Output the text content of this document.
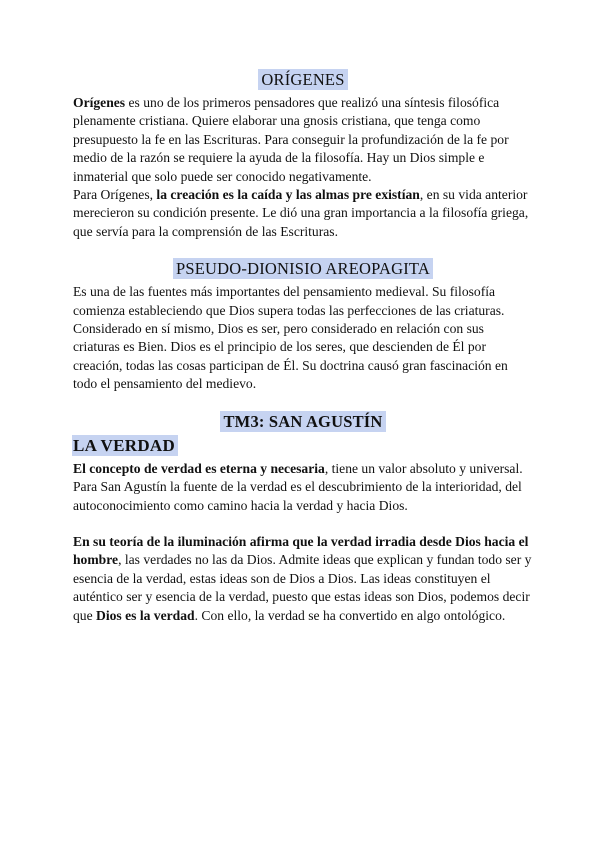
ORÍGENES

Orígenes es uno de los primeros pensadores que realizó una síntesis filosófica plenamente cristiana. Quiere elaborar una gnosis cristiana, que tenga como presupuesto la fe en las Escrituras. Para conseguir la profundización de la fe por medio de la razón se requiere la ayuda de la filosofía. Hay un Dios simple e inmaterial que solo puede ser conocido negativamente.

Para Orígenes, la creación es la caída y las almas pre existían, en su vida anterior merecieron su condición presente. Le dió una gran importancia a la filosofía griega, que servía para la comprensión de las Escrituras.

PSEUDO-DIONISIO AREOPAGITA

Es una de las fuentes más importantes del pensamiento medieval. Su filosofía comienza estableciendo que Dios supera todas las perfecciones de las criaturas. Considerado en sí mismo, Dios es ser, pero considerado en relación con sus criaturas es Bien. Dios es el principio de los seres, que descienden de Él por creación, todas las cosas participan de Él. Su doctrina causó gran fascinación en todo el pensamiento del medievo.

TM3: SAN AGUSTÍN
LA VERDAD

El concepto de verdad es eterna y necesaria, tiene un valor absoluto y universal. Para San Agustín la fuente de la verdad es el descubrimiento de la interioridad, del autoconocimiento como camino hacia la verdad y hacia Dios.

En su teoría de la iluminación afirma que la verdad irradia desde Dios hacia el hombre, las verdades no las da Dios. Admite ideas que explican y fundan todo ser y esencia de la verdad, estas ideas son de Dios a Dios. Las ideas constituyen el auténtico ser y esencia de la verdad, puesto que estas ideas son Dios, podemos decir que Dios es la verdad. Con ello, la verdad se ha convertido en algo ontológico.
